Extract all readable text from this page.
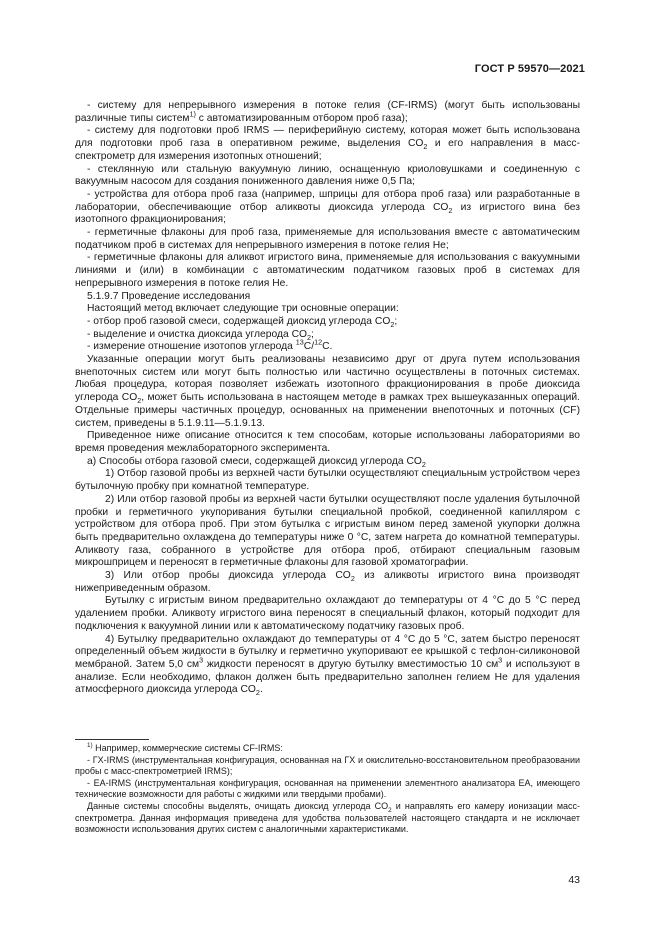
ГОСТ Р 59570—2021

- систему для непрерывного измерения в потоке гелия (CF-IRMS) (могут быть использованы различные типы систем$^{1)}$ с автоматизированным отбором проб газа);

- систему для подготовки проб IRMS — периферийную систему, которая может быть использована для подготовки проб газа в оперативном режиме, выделения $CO_2$ и его направления в масс-спектрометр для измерения изотопных отношений;

- стеклянную или стальную вакуумную линию, оснащенную криоловушками и соединенную с вакуумным насосом для создания пониженного давления ниже 0,5 Па;

- устройства для отбора проб газа (например, шприцы для отбора проб газа) или разработанные в лаборатории, обеспечивающие отбор аликвоты диоксида углерода $CO_2$ из игристого вина без изотопного фракционирования;

- герметичные флаконы для проб газа, применяемые для использования вместе с автоматическим податчиком проб в системах для непрерывного измерения в потоке гелия He;

- герметичные флаконы для аликвот игристого вина, применяемые для использования с вакуумными линиями и (или) в комбинации с автоматическим податчиком газовых проб в системах для непрерывного измерения в потоке гелия He.

5.1.9.7 Проведение исследования

Настоящий метод включает следующие три основные операции:

- отбор проб газовой смеси, содержащей диоксид углерода $CO_2$;

- выделение и очистка диоксида углерода $CO_2$;

- измерение отношение изотопов углерода $^{13}$C/$^{12}$C.

Указанные операции могут быть реализованы независимо друг от друга путем использования внепоточных систем или могут быть полностью или частично осуществлены в поточных системах. Любая процедура, которая позволяет избежать изотопного фракционирования в пробе диоксида углерода $CO_2$, может быть использована в настоящем методе в рамках трех вышеуказанных операций. Отдельные примеры частичных процедур, основанных на применении внепоточных и поточных (CF) систем, приведены в 5.1.9.11—5.1.9.13.

Приведенное ниже описание относится к тем способам, которые использованы лабораториями во время проведения межлабораторного эксперимента.

а) Способы отбора газовой смеси, содержащей диоксид углерода $CO_2$

1) Отбор газовой пробы из верхней части бутылки осуществляют специальным устройством через бутылочную пробку при комнатной температуре.

2) Или отбор газовой пробы из верхней части бутылки осуществляют после удаления бутылочной пробки и герметичного укупоривания бутылки специальной пробкой, соединенной капилляром с устройством для отбора проб. При этом бутылка с игристым вином перед заменой укупорки должна быть предварительно охлаждена до температуры ниже 0 °C, затем нагрета до комнатной температуры. Аликвоту газа, собранного в устройстве для отбора проб, отбирают специальным газовым микрошприцем и переносят в герметичные флаконы для газовой хроматографии.

3) Или отбор пробы диоксида углерода $CO_2$ из аликвоты игристого вина производят нижеприведенным образом.

Бутылку с игристым вином предварительно охлаждают до температуры от 4 °C до 5 °C перед удалением пробки. Аликвоту игристого вина переносят в специальный флакон, который подходит для подключения к вакуумной линии или к автоматическому податчику газовых проб.

4) Бутылку предварительно охлаждают до температуры от 4 °C до 5 °C, затем быстро переносят определенный объем жидкости в бутылку и герметично укупоривают ее крышкой с тефлон-силиконовой мембраной. Затем 5,0 $см^3$ жидкости переносят в другую бутылку вместимостью 10 $см^3$ и используют в анализе. Если необходимо, флакон должен быть предварительно заполнен гелием He для удаления атмосферного диоксида углерода $CO_2$.

$^{1)}$ Например, коммерческие системы CF-IRMS:

- ГХ-IRMS (инструментальная конфигурация, основанная на ГХ и окислительно-восстановительном преобразовании пробы с масс-спектрометрией IRMS);

- EA-IRMS (инструментальная конфигурация, основанная на применении элементного анализатора EA, имеющего технические возможности для работы с жидкими или твердыми пробами).

Данные системы способны выделять, очищать диоксид углерода $CO_2$ и направлять его камеру ионизации масс-спектрометра. Данная информация приведена для удобства пользователей настоящего стандарта и не исключает возможности использования других систем с аналогичными характеристиками.

43
